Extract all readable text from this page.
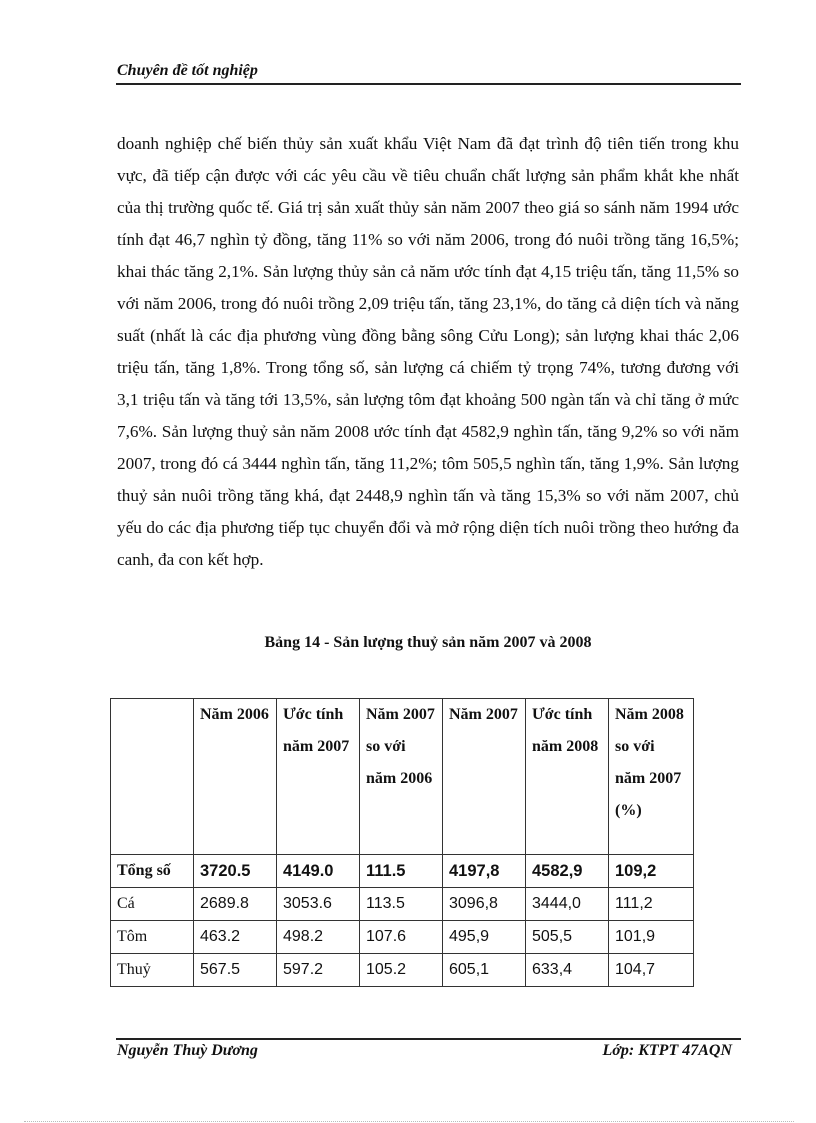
Chuyên đề tốt nghiệp

doanh nghiệp chế biến thủy sản xuất khẩu Việt Nam đã đạt trình độ tiên tiến trong khu vực, đã tiếp cận được với các yêu cầu về tiêu chuẩn chất lượng sản phẩm khắt khe nhất của thị trường quốc tế. Giá trị sản xuất thủy sản năm 2007 theo giá so sánh năm 1994 ước tính đạt 46,7 nghìn tỷ đồng, tăng 11% so với năm 2006, trong đó nuôi trồng tăng 16,5%; khai thác tăng 2,1%. Sản lượng thủy sản cả năm ước tính đạt 4,15 triệu tấn, tăng 11,5% so với năm 2006, trong đó nuôi trồng 2,09 triệu tấn, tăng 23,1%, do tăng cả diện tích và năng suất (nhất là các địa phương vùng đồng bằng sông Cửu Long); sản lượng khai thác 2,06 triệu tấn, tăng 1,8%. Trong tổng số, sản lượng cá chiếm tỷ trọng 74%, tương đương với 3,1 triệu tấn và tăng tới 13,5%, sản lượng tôm đạt khoảng 500 ngàn tấn và chỉ tăng ở mức 7,6%. Sản lượng thuỷ sản năm 2008 ước tính đạt 4582,9 nghìn tấn, tăng 9,2% so với năm 2007, trong đó cá 3444 nghìn tấn, tăng 11,2%; tôm 505,5 nghìn tấn, tăng 1,9%. Sản lượng thuỷ sản nuôi trồng tăng khá, đạt 2448,9 nghìn tấn và tăng 15,3% so với năm 2007, chủ yếu do các địa phương tiếp tục chuyển đổi và mở rộng diện tích nuôi trồng theo hướng đa canh, đa con kết hợp.

Bảng 14 - Sản lượng thuỷ sản năm 2007 và 2008
	Năm 2006	Ước tính năm 2007	Năm 2007 so với năm 2006	Năm 2007	Ước tính năm 2008	Năm 2008 so với năm 2007 (%)
Tổng số	3720.5	4149.0	111.5	4197,8	4582,9	109,2
Cá	2689.8	3053.6	113.5	3096,8	3444,0	111,2
Tôm	463.2	498.2	107.6	495,9	505,5	101,9
Thuỷ	567.5	597.2	105.2	605,1	633,4	104,7
Nguyễn Thuỳ Dương	Lớp: KTPT 47AQN
